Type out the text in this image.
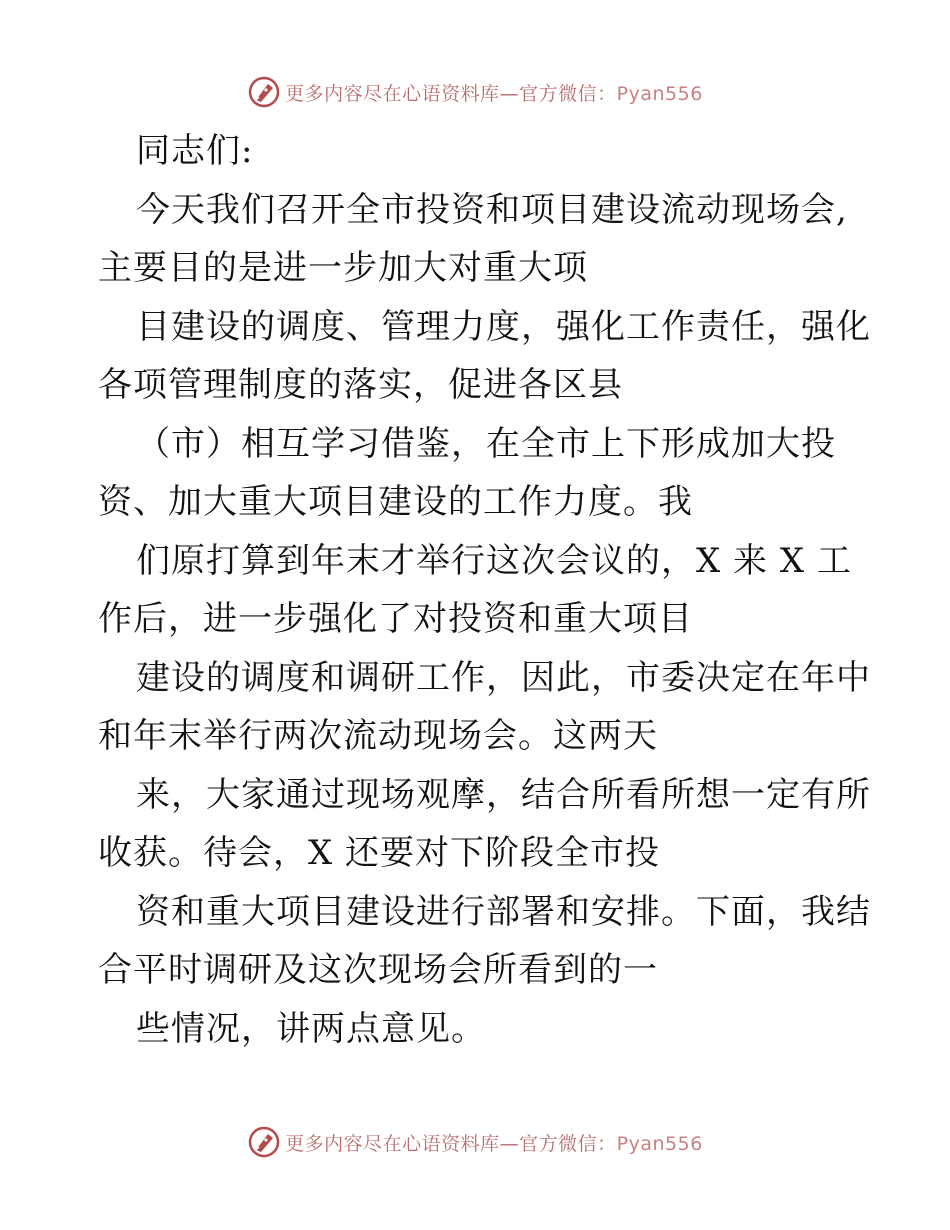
更多内容尽在心语资料库—官方微信：Pyan556
同志们:
今天我们召开全市投资和项目建设流动现场会,
主要目的是进一步加大对重大项
目建设的调度、管理力度，强化工作责任，强化
各项管理制度的落实，促进各区县
（市）相互学习借鉴，在全市上下形成加大投
资、加大重大项目建设的工作力度。我
们原打算到年末才举行这次会议的，X 来 X 工
作后，进一步强化了对投资和重大项目
建设的调度和调研工作，因此，市委决定在年中
和年末举行两次流动现场会。这两天
来，大家通过现场观摩，结合所看所想一定有所
收获。待会，X 还要对下阶段全市投
资和重大项目建设进行部署和安排。下面，我结
合平时调研及这次现场会所看到的一
些情况，讲两点意见。
更多内容尽在心语资料库—官方微信：Pyan556
